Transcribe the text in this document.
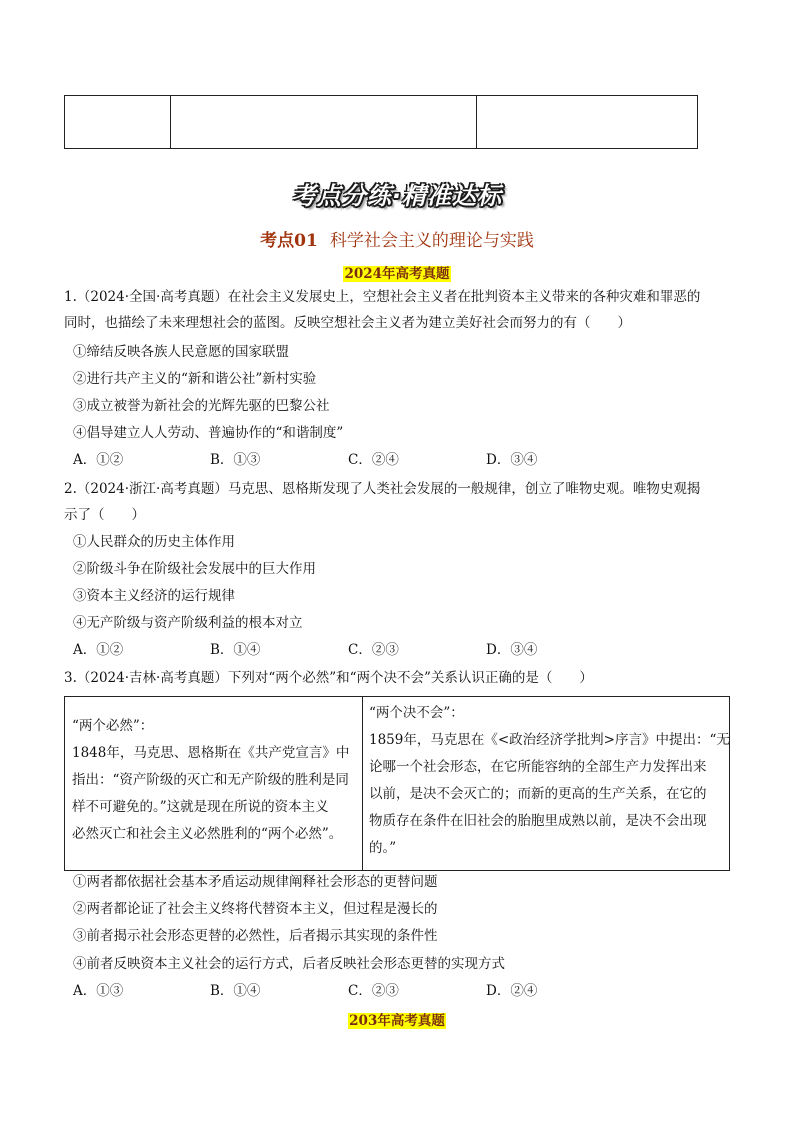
考点分练·精准达标
考点01 科学社会主义的理论与实践
2024年高考真题
1.（2024·全国·高考真题）在社会主义发展史上，空想社会主义者在批判资本主义带来的各种灾难和罪恶的
同时，也描绘了未来理想社会的蓝图。反映空想社会主义者为建立美好社会而努力的有（　　）
①缔结反映各族人民意愿的国家联盟
②进行共产主义的“新和谐公社”新村实验
③成立被誉为新社会的光辉先驱的巴黎公社
④倡导建立人人劳动、普遍协作的“和谐制度”
A．①②	B．①③	C．②④	D．③④
2.（2024·浙江·高考真题）马克思、恩格斯发现了人类社会发展的一般规律，创立了唯物史观。唯物史观揭
示了（　　）
①人民群众的历史主体作用
②阶级斗争在阶级社会发展中的巨大作用
③资本主义经济的运行规律
④无产阶级与资产阶级利益的根本对立
A．①②	B．①④	C．②③	D．③④
3.（2024·吉林·高考真题）下列对“两个必然”和“两个决不会”关系认识正确的是（　　）
“两个必然”：
1848年，马克思、恩格斯在《共产党宣言》中
指出：“资产阶级的灭亡和无产阶级的胜利是同
样不可避免的。”这就是现在所说的资本主义
必然灭亡和社会主义必然胜利的“两个必然”。

“两个决不会”：
1859年，马克思在《<政治经济学批判>序言》中提出：“无
论哪一个社会形态，在它所能容纳的全部生产力发挥出来
以前，是决不会灭亡的；而新的更高的生产关系，在它的
物质存在条件在旧社会的胎胞里成熟以前，是决不会出现
的。”
①两者都依据社会基本矛盾运动规律阐释社会形态的更替问题
②两者都论证了社会主义终将代替资本主义，但过程是漫长的
③前者揭示社会形态更替的必然性，后者揭示其实现的条件性
④前者反映资本主义社会的运行方式，后者反映社会形态更替的实现方式
A．①③	B．①④	C．②③	D．②④
203年高考真题
